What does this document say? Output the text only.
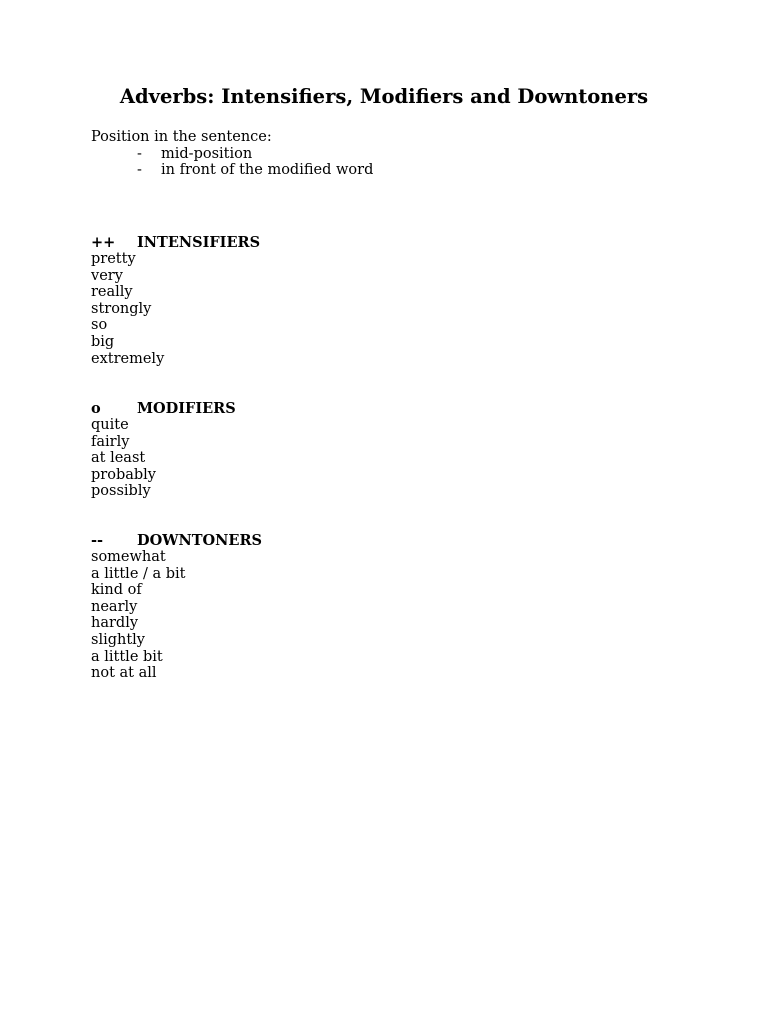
Adverbs: Intensifiers, Modifiers and Downtoners
Position in the sentence:
-	mid-position
-	in front of the modified word
++	INTENSIFIERS
pretty
very
really
strongly
so
big
extremely
o	MODIFIERS
quite
fairly
at least
probably
possibly
--	DOWNTONERS
somewhat
a little / a bit
kind of
nearly
hardly
slightly
a little bit
not at all
